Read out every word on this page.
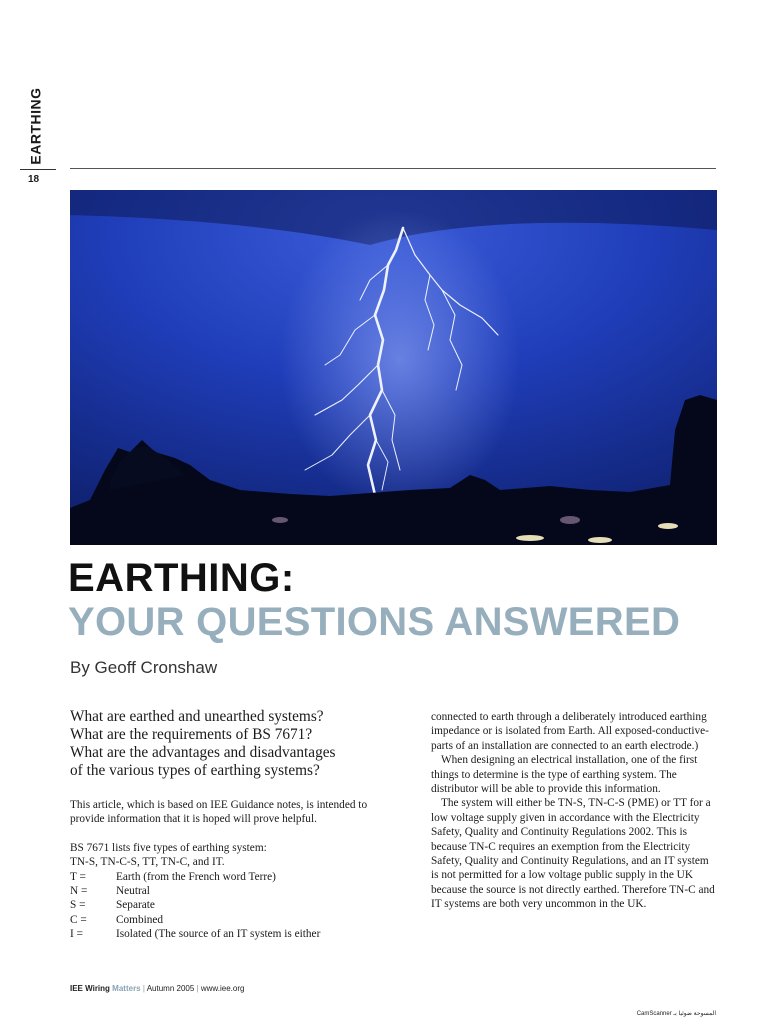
EARTHING
18
EARTHING:
YOUR QUESTIONS ANSWERED
By Geoff Cronshaw
What are earthed and unearthed systems?
What are the requirements of BS 7671?
What are the advantages and disadvantages
of the various types of earthing systems?

This article, which is based on IEE Guidance notes, is intended to provide information that it is hoped will prove helpful.

BS 7671 lists five types of earthing system:
TN-S, TN-C-S, TT, TN-C, and IT.
T =	Earth (from the French word Terre)
N =	Neutral
S =	Separate
C =	Combined
I =	Isolated (The source of an IT system is either

connected to earth through a deliberately introduced earthing impedance or is isolated from Earth. All exposed-conductive-parts of an installation are connected to an earth electrode.)

When designing an electrical installation, one of the first things to determine is the type of earthing system. The distributor will be able to provide this information.

The system will either be TN-S, TN-C-S (PME) or TT for a low voltage supply given in accordance with the Electricity Safety, Quality and Continuity Regulations 2002. This is because TN-C requires an exemption from the Electricity Safety, Quality and Continuity Regulations, and an IT system is not permitted for a low voltage public supply in the UK because the source is not directly earthed. Therefore TN-C and IT systems are both very uncommon in the UK.

IEE Wiring Matters | Autumn 2005 | www.iee.org
CamScanner المسوحة ضوئيا بـ
